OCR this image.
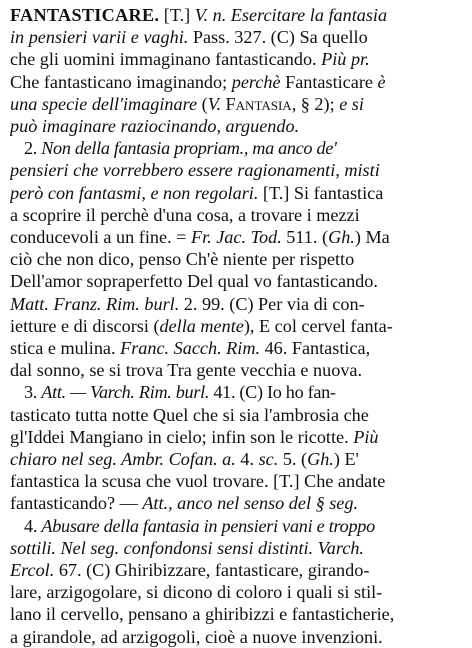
FANTASTICARE. [T.] V. n. Esercitare la fantasia
in pensieri varii e vaghi. Pass. 327. (C) Sa quello
che gli uomini immaginano fantasticando. Più pr.
Che fantasticano imaginando; perchè Fantasticare è
una specie dell'imaginare (V. Fantasia, § 2); e si
può imaginare raziocinando, arguendo.
2. Non della fantasia propriam., ma anco de'
pensieri che vorrebbero essere ragionamenti, misti
però con fantasmi, e non regolari. [T.] Si fantastica
a scoprire il perchè d'una cosa, a trovare i mezzi
conducevoli a un fine. = Fr. Jac. Tod. 511. (Gh.) Ma
ciò che non dico, penso Ch'è niente per rispetto
Dell'amor sopraperfetto Del qual vo fantasticando.
Matt. Franz. Rim. burl. 2. 99. (C) Per via di con-
ietture e di discorsi (della mente), E col cervel fanta-
stica e mulina. Franc. Sacch. Rim. 46. Fantastica,
dal sonno, se si trova Tra gente vecchia e nuova.
3. Att. — Varch. Rim. burl. 41. (C) Io ho fan-
tasticato tutta notte Quel che si sia l'ambrosia che
gl'Iddei Mangiano in cielo; infin son le ricotte. Più
chiaro nel seg. Ambr. Cofan. a. 4. sc. 5. (Gh.) E'
fantastica la scusa che vuol trovare. [T.] Che andate
fantasticando? — Att., anco nel senso del § seg.
4. Abusare della fantasia in pensieri vani e troppo
sottili. Nel seg. confondonsi sensi distinti. Varch.
Ercol. 67. (C) Ghiribizzare, fantasticare, girando-
lare, arzigogolare, si dicono di coloro i quali si stil-
lano il cervello, pensano a ghiribizzi e fantasticherie,
a girandole, ad arzigogoli, cioè a nuove invenzioni.
